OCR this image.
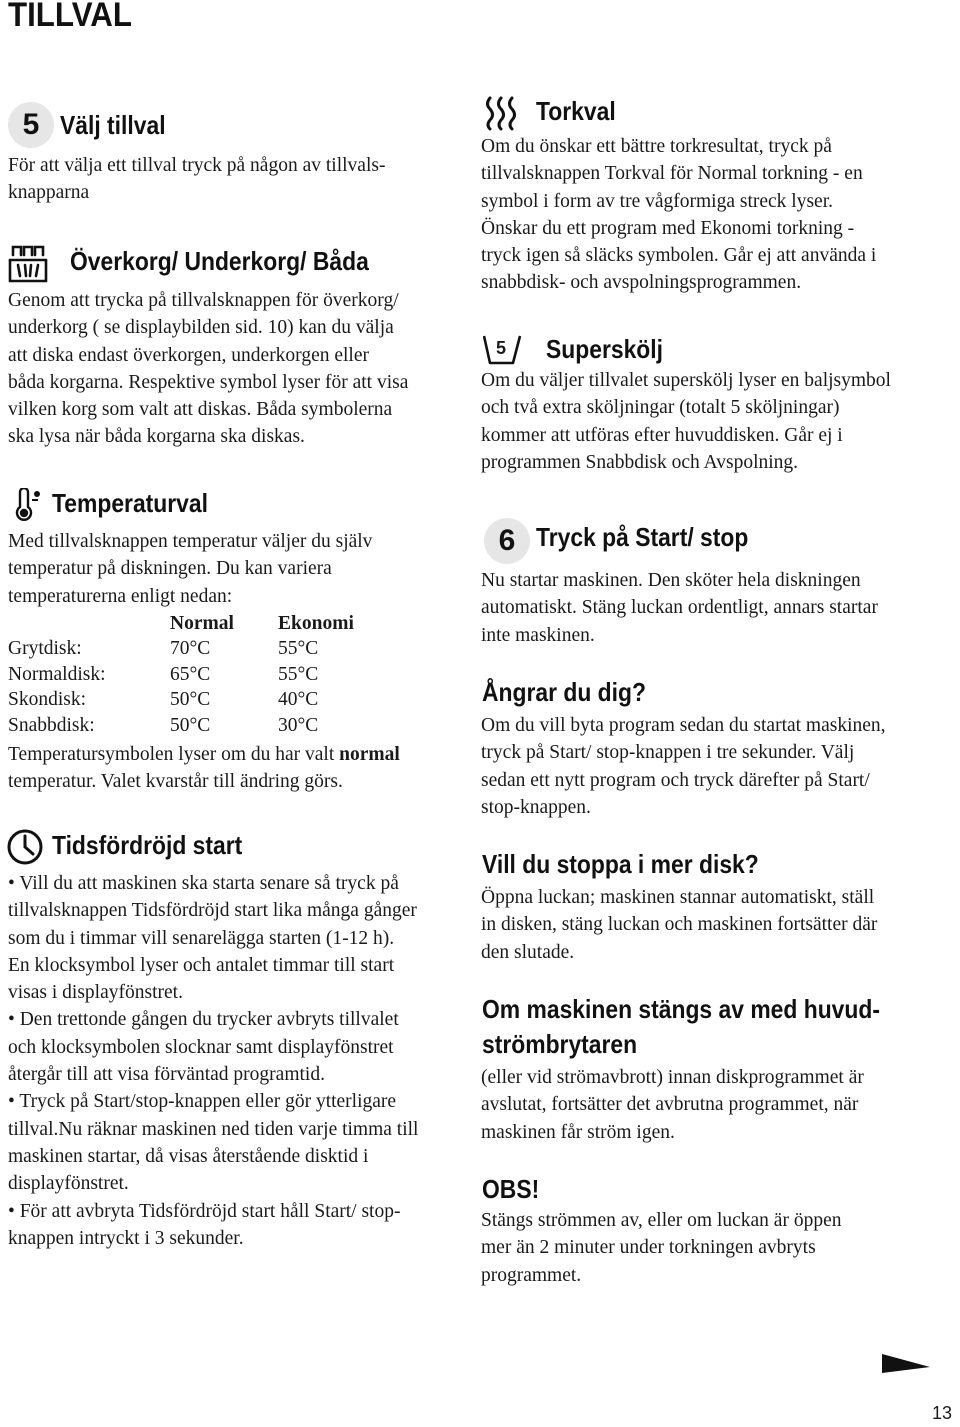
TILLVAL
5 Välj tillval
För att välja ett tillval tryck på någon av tillvals-
knapparna
Överkorg/ Underkorg/ Båda
Genom att trycka på tillvalsknappen för överkorg/
underkorg ( se displaybilden sid. 10) kan du välja
att diska endast överkorgen, underkorgen eller
båda korgarna. Respektive symbol lyser för att visa
vilken korg som valt att diskas. Båda symbolerna
ska lysa när båda korgarna ska diskas.
Temperaturval
Med tillvalsknappen temperatur väljer du själv
temperatur på diskningen. Du kan variera
temperaturerna enligt nedan:
	Normal	Ekonomi
Grytdisk:	70°C	55°C
Normaldisk:	65°C	55°C
Skondisk:	50°C	40°C
Snabbdisk:	50°C	30°C
Temperatursymbolen lyser om du har valt normal
temperatur. Valet kvarstår till ändring görs.
Tidsfördröjd start
• Vill du att maskinen ska starta senare så tryck på
tillvalsknappen Tidsfördröjd start lika många gånger
som du i timmar vill senarelägga starten (1-12 h).
En klocksymbol lyser och antalet timmar till start
visas i displayfönstret.
• Den trettonde gången du trycker avbryts tillvalet
och klocksymbolen slocknar samt displayfönstret
återgår till att visa förväntad programtid.
• Tryck på Start/stop-knappen eller gör ytterligare
tillval.Nu räknar maskinen ned tiden varje timma till
maskinen startar, då visas återstående disktid i
displayfönstret.
• För att avbryta Tidsfördröjd start håll Start/ stop-
knappen intryckt i 3 sekunder.
Torkval
Om du önskar ett bättre torkresultat, tryck på
tillvalsknappen Torkval för Normal torkning - en
symbol i form av tre vågformiga streck lyser.
Önskar du ett program med Ekonomi torkning -
tryck igen så släcks symbolen. Går ej att använda i
snabbdisk- och avspolningsprogrammen.
5 Superskölj
Om du väljer tillvalet superskölj lyser en baljsymbol
och två extra sköljningar (totalt 5 sköljningar)
kommer att utföras efter huvuddisken. Går ej i
programmen Snabbdisk och Avspolning.
6 Tryck på Start/ stop
Nu startar maskinen. Den sköter hela diskningen
automatiskt. Stäng luckan ordentligt, annars startar
inte maskinen.
Ångrar du dig?
Om du vill byta program sedan du startat maskinen,
tryck på Start/ stop-knappen i tre sekunder. Välj
sedan ett nytt program och tryck därefter på Start/
stop-knappen.
Vill du stoppa i mer disk?
Öppna luckan; maskinen stannar automatiskt, ställ
in disken, stäng luckan och maskinen fortsätter där
den slutade.
Om maskinen stängs av med huvud-
strömbrytaren
(eller vid strömavbrott) innan diskprogrammet är
avslutat, fortsätter det avbrutna programmet, när
maskinen får ström igen.
OBS!
Stängs strömmen av, eller om luckan är öppen
mer än 2 minuter under torkningen avbryts
programmet.
13
